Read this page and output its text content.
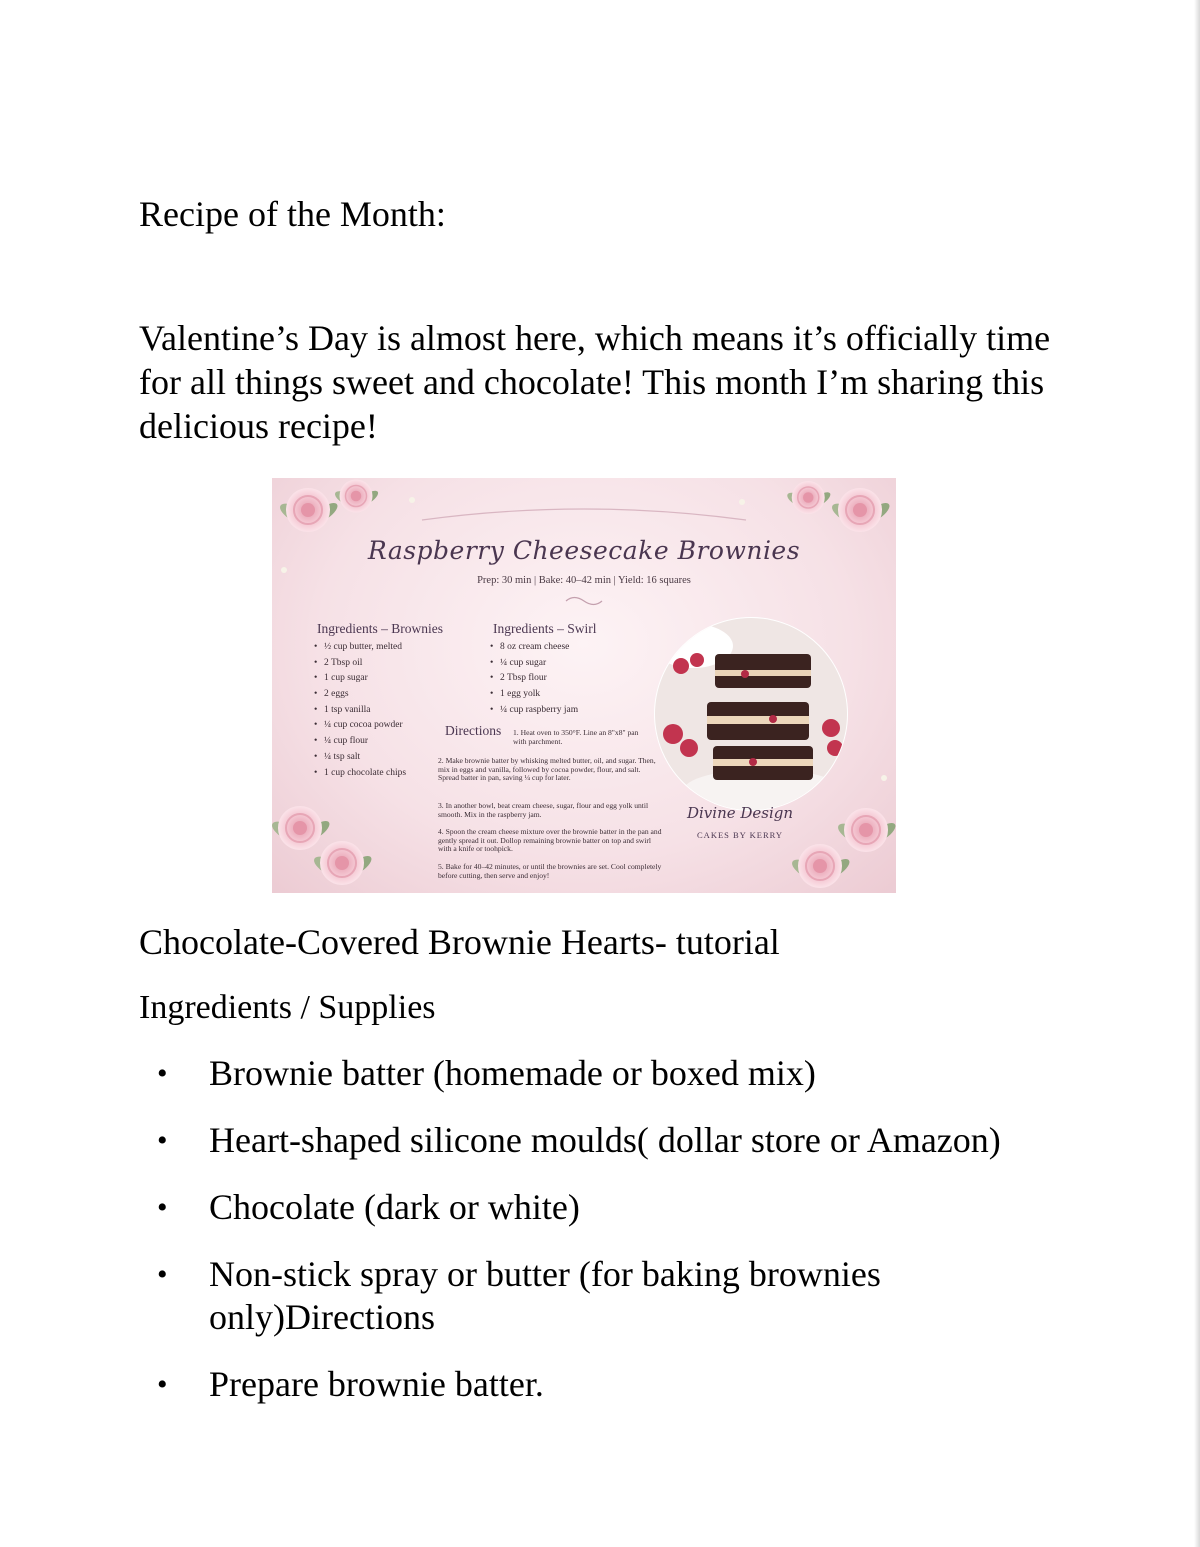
Recipe of the Month:

Valentine’s Day is almost here, which means it’s officially time for all things sweet and chocolate! This month I’m sharing this delicious recipe!

Raspberry Cheesecake Brownies
Prep: 30 min | Bake: 40–42 min | Yield: 16 squares
Ingredients – Brownies
• ½ cup butter, melted
• 2 Tbsp oil
• 1 cup sugar
• 2 eggs
• 1 tsp vanilla
• ¼ cup cocoa powder
• ¼ cup flour
• ¼ tsp salt
• 1 cup chocolate chips
Ingredients – Swirl
• 8 oz cream cheese
• ¼ cup sugar
• 2 Tbsp flour
• 1 egg yolk
• ¼ cup raspberry jam
Directions 1. Heat oven to 350°F. Line an 8"x8" pan with parchment.

2. Make brownie batter by whisking melted butter, oil, and sugar. Then, mix in eggs and vanilla, followed by cocoa powder, flour, and salt. Spread batter in pan, saving ¼ cup for later.

3. In another bowl, beat cream cheese, sugar, flour and egg yolk until smooth. Mix in the raspberry jam.

4. Spoon the cream cheese mixture over the brownie batter in the pan and gently spread it out. Dollop remaining brownie batter on top and swirl with a knife or toohpick.

5. Bake for 40–42 minutes, or until the brownies are set. Cool completely before cutting, then serve and enjoy!

Divine Design
CAKES BY KERRY
Chocolate-Covered Brownie Hearts- tutorial
Ingredients / Supplies
• Brownie batter (homemade or boxed mix)
• Heart-shaped silicone moulds( dollar store or Amazon)
• Chocolate (dark or white)
• Non-stick spray or butter (for baking brownies only)Directions
• Prepare brownie batter.
